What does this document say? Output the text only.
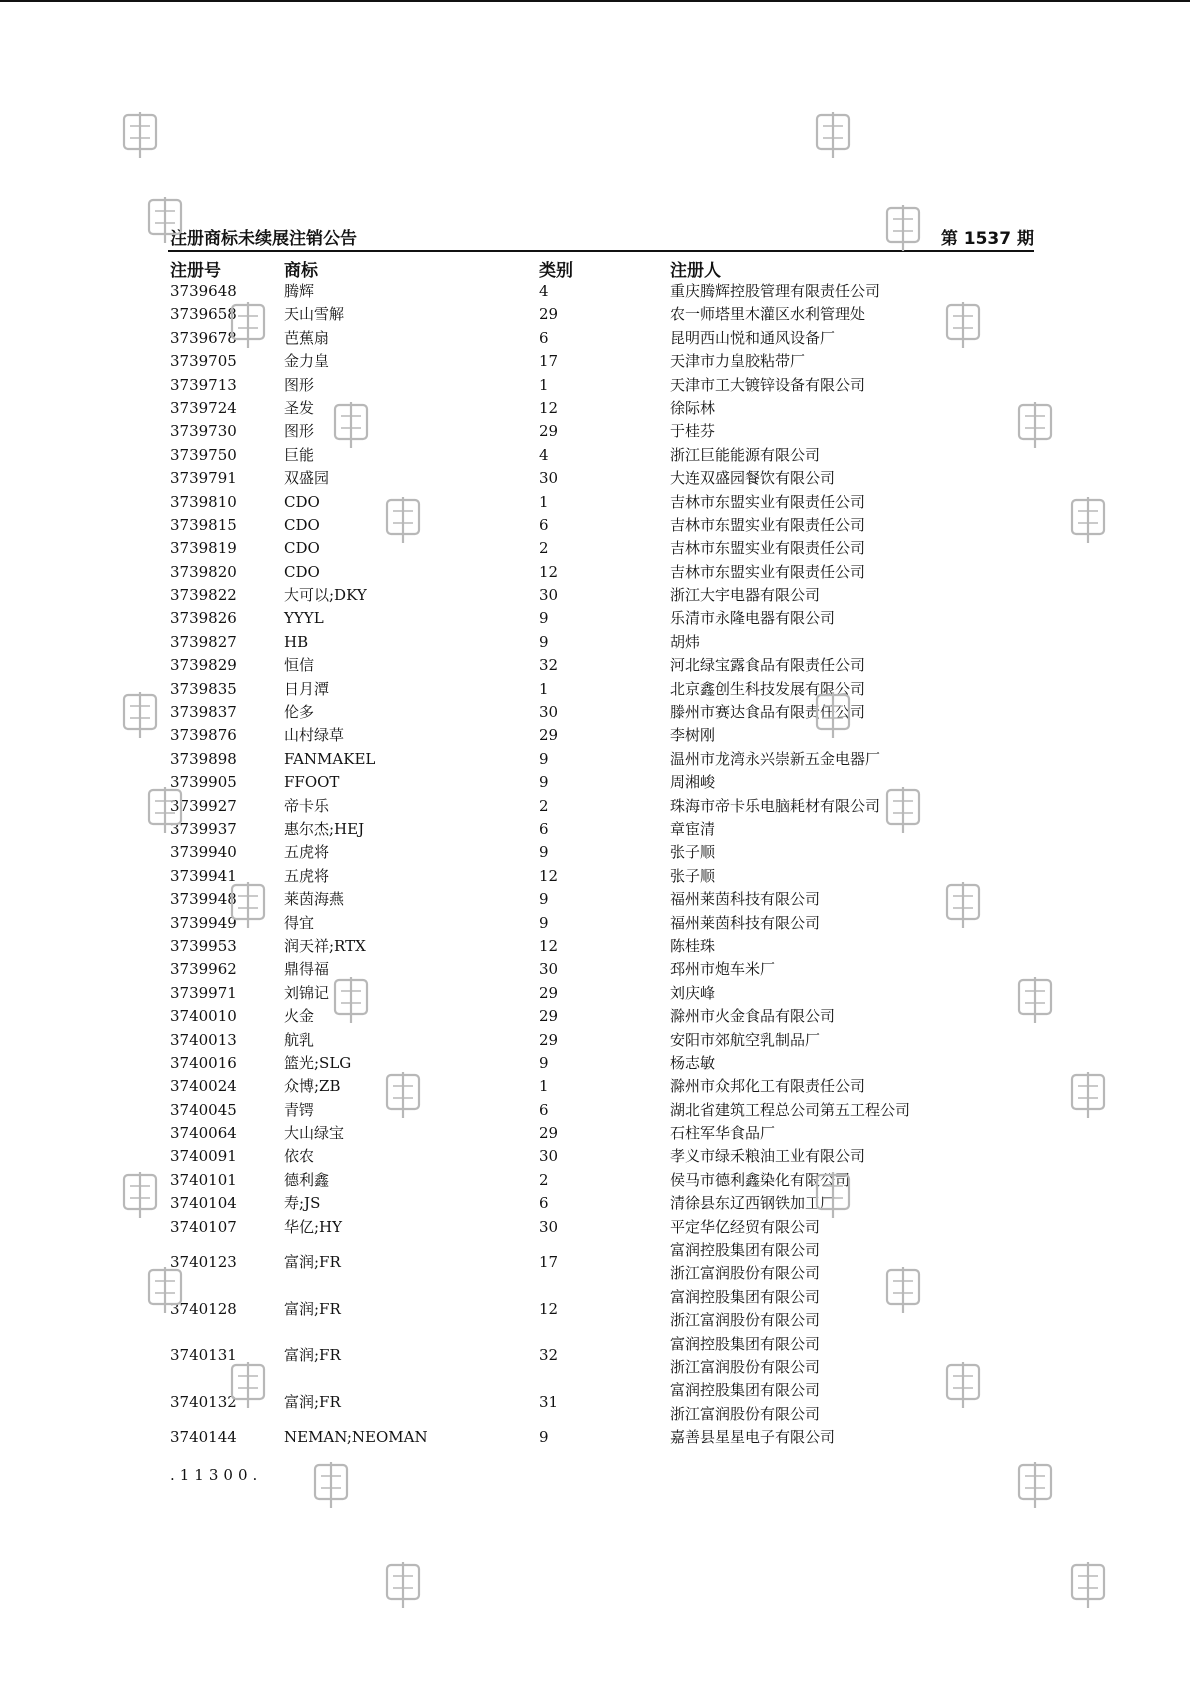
注册商标未续展注销公告	第 1537 期
注册号	商标	类别	注册人
3739648	腾辉	4	重庆腾辉控股管理有限责任公司
3739658	天山雪解	29	农一师塔里木灌区水利管理处
3739678	芭蕉扇	6	昆明西山悦和通风设备厂
3739705	金力皇	17	天津市力皇胶粘带厂
3739713	图形	1	天津市工大镀锌设备有限公司
3739724	圣发	12	徐际林
3739730	图形	29	于桂芬
3739750	巨能	4	浙江巨能能源有限公司
3739791	双盛园	30	大连双盛园餐饮有限公司
3739810	CDO	1	吉林市东盟实业有限责任公司
3739815	CDO	6	吉林市东盟实业有限责任公司
3739819	CDO	2	吉林市东盟实业有限责任公司
3739820	CDO	12	吉林市东盟实业有限责任公司
3739822	大可以;DKY	30	浙江大宇电器有限公司
3739826	YYYL	9	乐清市永隆电器有限公司
3739827	HB	9	胡炜
3739829	恒信	32	河北绿宝露食品有限责任公司
3739835	日月潭	1	北京鑫创生科技发展有限公司
3739837	伦多	30	滕州市赛达食品有限责任公司
3739876	山村绿草	29	李树刚
3739898	FANMAKEL	9	温州市龙湾永兴崇新五金电器厂
3739905	FFOOT	9	周湘峻
3739927	帝卡乐	2	珠海市帝卡乐电脑耗材有限公司
3739937	惠尔杰;HEJ	6	章宦清
3739940	五虎将	9	张子顺
3739941	五虎将	12	张子顺
3739948	莱茵海燕	9	福州莱茵科技有限公司
3739949	得宜	9	福州莱茵科技有限公司
3739953	润天祥;RTX	12	陈桂珠
3739962	鼎得福	30	邳州市炮车米厂
3739971	刘锦记	29	刘庆峰
3740010	火金	29	滁州市火金食品有限公司
3740013	航乳	29	安阳市郊航空乳制品厂
3740016	篮光;SLG	9	杨志敏
3740024	众博;ZB	1	滁州市众邦化工有限责任公司
3740045	青锷	6	湖北省建筑工程总公司第五工程公司
3740064	大山绿宝	29	石柱军华食品厂
3740091	依农	30	孝义市绿禾粮油工业有限公司
3740101	德利鑫	2	侯马市德利鑫染化有限公司
3740104	寿;JS	6	清徐县东辽西钢铁加工厂
3740107	华亿;HY	30	平定华亿经贸有限公司
3740123	富润;FR	17
富润控股集团有限公司
浙江富润股份有限公司
3740128	富润;FR	12
富润控股集团有限公司
浙江富润股份有限公司
3740131	富润;FR	32
富润控股集团有限公司
浙江富润股份有限公司
3740132	富润;FR	31
富润控股集团有限公司
浙江富润股份有限公司
3740144	NEMAN;NEOMAN	9	嘉善县星星电子有限公司
.11300.
